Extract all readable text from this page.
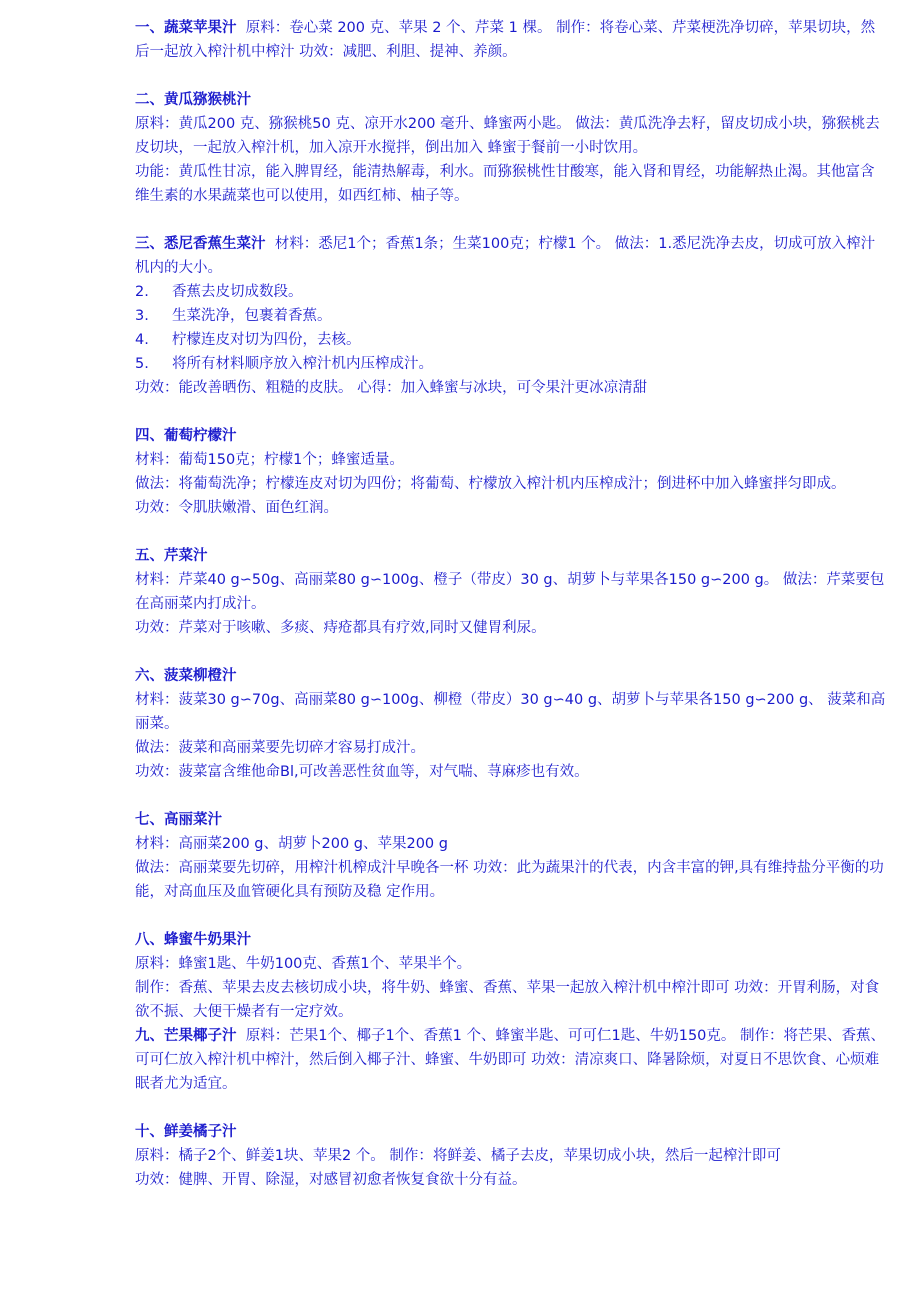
一、蔬菜苹果汁 原料：卷心菜 200 克、苹果 2 个、芹菜 1 棵。 制作：将卷心菜、芹菜梗洗净切碎，苹果切块，然后一起放入榨汁机中榨汁 功效：减肥、利胆、提神、养颜。

二、黄瓜猕猴桃汁

原料：黄瓜200 克、猕猴桃50 克、凉开水200 毫升、蜂蜜两小匙。 做法：黄瓜洗净去籽，留皮切成小块，猕猴桃去皮切块，一起放入榨汁机，加入凉开水搅拌，倒出加入 蜂蜜于餐前一小时饮用。

功能：黄瓜性甘凉，能入脾胃经，能清热解毒，利水。而猕猴桃性甘酸寒，能入肾和胃经，功能解热止渴。其他富含维生素的水果蔬菜也可以使用，如西红柿、柚子等。

三、悉尼香蕉生菜汁 材料：悉尼1个；香蕉1条；生菜100克；柠檬1 个。 做法：1.悉尼洗净去皮，切成可放入榨汁机内的大小。

2.	香蕉去皮切成数段。

3.	生菜洗净，包裹着香蕉。

4.	柠檬连皮对切为四份，去核。

5.	将所有材料顺序放入榨汁机内压榨成汁。

功效：能改善晒伤、粗糙的皮肤。 心得：加入蜂蜜与冰块，可令果汁更冰凉清甜

四、葡萄柠檬汁

材料：葡萄150克；柠檬1个；蜂蜜适量。

做法：将葡萄洗净；柠檬连皮对切为四份；将葡萄、柠檬放入榨汁机内压榨成汁；倒进杯中加入蜂蜜拌匀即成。

功效：令肌肤嫩滑、面色红润。

五、芹菜汁

材料：芹菜40 g∽50g、高丽菜80 g∽100g、橙子（带皮）30 g、胡萝卜与苹果各150 g∽200 g。 做法：芹菜要包在高丽菜内打成汁。

功效：芹菜对于咳嗽、多痰、痔疮都具有疗效,同时又健胃利尿。

六、菠菜柳橙汁

材料：菠菜30 g∽70g、高丽菜80 g∽100g、柳橙（带皮）30 g∽40 g、胡萝卜与苹果各150 g∽200 g、 菠菜和高丽菜。

做法：菠菜和高丽菜要先切碎才容易打成汁。

功效：菠菜富含维他命Bl,可改善恶性贫血等，对气喘、荨麻疹也有效。

七、高丽菜汁

材料：高丽菜200 g、胡萝卜200 g、苹果200 g

做法：高丽菜要先切碎，用榨汁机榨成汁早晚各一杯 功效：此为蔬果汁的代表，内含丰富的钾,具有维持盐分平衡的功能，对高血压及血管硬化具有预防及稳 定作用。

八、蜂蜜牛奶果汁

原料：蜂蜜1匙、牛奶100克、香蕉1个、苹果半个。

制作：香蕉、苹果去皮去核切成小块，将牛奶、蜂蜜、香蕉、苹果一起放入榨汁机中榨汁即可 功效：开胃利肠，对食欲不振、大便干燥者有一定疗效。

九、芒果椰子汁 原料：芒果1个、椰子1个、香蕉1 个、蜂蜜半匙、可可仁1匙、牛奶150克。 制作：将芒果、香蕉、可可仁放入榨汁机中榨汁，然后倒入椰子汁、蜂蜜、牛奶即可 功效：清凉爽口、降暑除烦，对夏日不思饮食、心烦难眠者尤为适宜。

十、鲜姜橘子汁

原料：橘子2个、鲜姜1块、苹果2 个。 制作：将鲜姜、橘子去皮，苹果切成小块，然后一起榨汁即可

功效：健脾、开胃、除湿，对感冒初愈者恢复食欲十分有益。
